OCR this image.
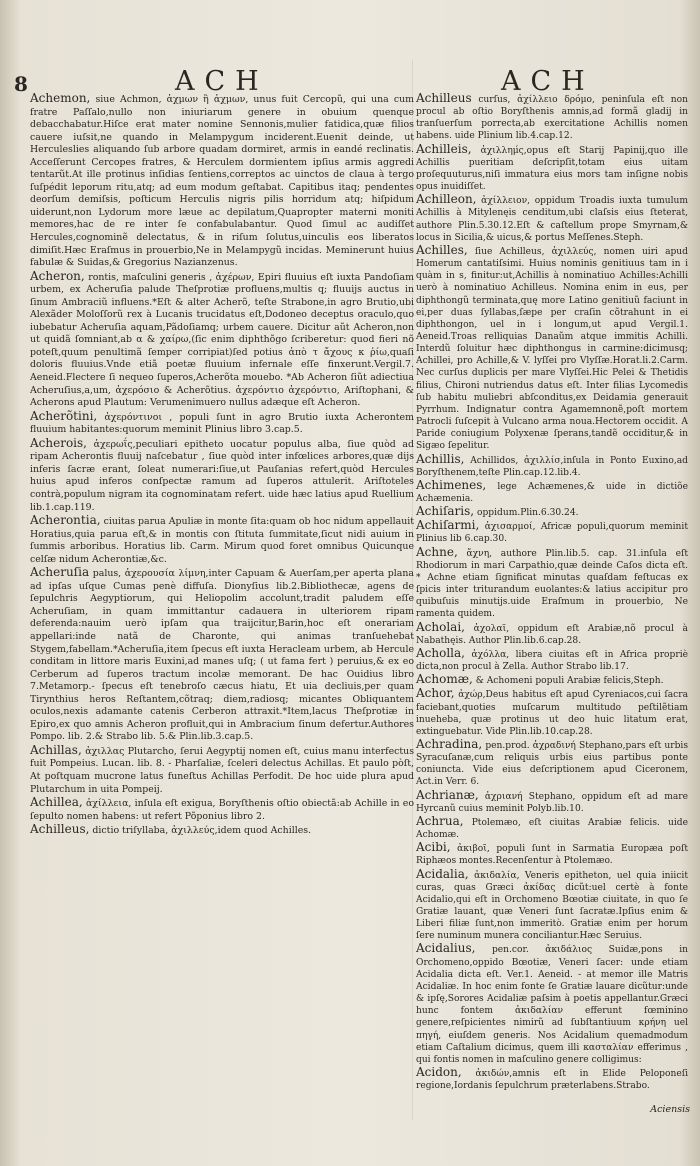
8	ACH	ACH
Achemon, siue Achmon, ἀχμων ἢ ἀχμων, unus fuit Cercopũ, qui una cum fratre Paſſalo,nullo non iniuriarum genere in obuium quenque debacchabatur.Hiſce erat mater nomine Sennonis,mulier fatidica,quæ filios cauere iuſsit,ne quando in Melampygum inciderent.Euenit deinde, ut Herculeslies aliquando ſub arbore quadam dormiret, armis in eandé reclinatis. Acceſſerunt Cercopes fratres, & Herculem dormientem ipſius armis aggredi tentarũt.At ille protinus inſidias ſentiens,correptos ac uinctos de claua à tergo ſuſpédit leporum ritu,atq; ad eum modum geſtabat. Capitibus itaq; pendentes deorſum demiſsis, poſticum Herculis nigris pilis horridum atq; hiſpidum uiderunt,non Lydorum more læue ac depilatum,Quapropter materni moniti memores,hac de re inter ſe confabulabantur. Quod ſimul ac audiſſet Hercules,cognominẽ delectatus, & in riſum ſolutus,uinculis eos liberatos dimiſit.Hæc Eraſmus in prouerbio,Ne in Melampygũ incidas. Meminerunt huius fabulæ & Suidas,& Gregorius Nazianzenus.
Acheron, rontis, maſculini generis , ἀχέρων, Epiri fluuius eſt iuxta Pandoſiam urbem, ex Acheruſia palude Theſprotiæ profluens,multis q; fluuijs auctus in ſinum Ambraciũ influens.*Eſt & alter Acherõ, teſte Strabone,in agro Brutio,ubi Alexãder Moloſſorũ rex à Lucanis trucidatus eſt,Dodoneo deceptus oraculo,quo iubebatur Acheruſia aquam,Pãdoſiamq; urbem cauere. Dicitur aũt Acheron,non ut quidã ſomniant,ab α & χαίρω,(ſic enim diphthõgo ſcriberetur: quod fieri nõ poteſt,quum penultimã ſemper corripiat)ſed potius ἀπὸ τ ἄχους κ ῥίω,quaſi doloris fluuius.Vnde etiã poetæ fluuium infernale eſſe finxerunt.Vergil.7. Aeneid.Flectere ſi nequeo ſuperos,Acherõta mouebo. *Ab Acheron ſiũt adiectiua Acheruſius,a,um, ἀχερόσιο & Acherõtius. ἀχερόντιο ἀχερόντιο, Ariſtophani, & Acherons apud Plautum: Verumenimuero nullus adæque eſt Acheron.
Acherõtini, ἀχερόντινοι , populi ſunt in agro Brutio iuxta Acherontem fluuium habitantes:quorum meminit Plinius libro 3.cap.5.
Acherois, ἀχερωΐς,peculiari epitheto uocatur populus alba, ſiue quòd ad ripam Acherontis fluuij naſcebatur , ſiue quòd inter infœlices arbores,quæ dijs inferis ſacræ erant, ſoleat numerari:ſiue,ut Pauſanias refert,quòd Hercules huius apud inferos conſpectæ ramum ad ſuperos attulerit. Ariſtoteles contrà,populum nigram ita cognominatam refert. uide hæc latius apud Ruellium lib.1.cap.119.
Acherontia, ciuitas parua Apuliæ in monte ſita:quam ob hoc nidum appellauit Horatius,quia parua eſt,& in montis con ſtituta ſummitate,ſicut nidi auium in ſummis arboribus. Horatius lib. Carm. Mirum quod foret omnibus Quicunque celſæ nidum Acherontiæ,&c.
Acheruſia palus, ἀχερουσία λίμνη,inter Capuam & Auerſam,per aperta plana ad ipſas uſque Cumas penè diffuſa. Dionyſius lib.2.Bibliothecæ, agens de ſepulchris Aegyptiorum, qui Heliopolim accolunt,tradit paludem eſſe Acheruſiam, in quam immittantur cadauera in ulteriorem ripam deferenda:nauim uerò ipſam qua traijcitur,Barin,hoc eſt onerariam appellari:inde natã de Charonte, qui animas tranſuehebat Stygem,fabellam.*Acheruſia,item ſpecus eſt iuxta Heracleam urbem, ab Hercule conditam in littore maris Euxini,ad manes uſq; ( ut fama fert ) peruius,& ex eo Cerberum ad ſuperos tractum incolæ memorant. De hac Ouidius libro 7.Metamorp.- ſpecus eſt tenebroſo cæcus hiatu, Et uia decliuis,per quam Tirynthius heros Reſtantem,cõtraq; diem,radiosq; micantes Obliquantem oculos,nexis adamante catenis Cerberon attraxit.*Item,lacus Theſprotiæ in Epiro,ex quo amnis Acheron profluit,qui in Ambracium ſinum defertur.Authores Pompo. lib. 2.& Strabo lib. 5.& Plin.lib.3.cap.5.
Achillas, ἀχιλλας Plutarcho, ſerui Aegyptij nomen eſt, cuius manu interfectus fuit Pompeius. Lucan. lib. 8. - Pharſaliæ, ſceleri delectus Achillas. Et paulo pòſt, At poſtquam mucrone latus funeſtus Achillas Perfodit. De hoc uide plura apud Plutarchum in uita Pompeij.
Achillea, ἀχίλλεια, inſula eſt exigua, Boryſthenis oſtio obiectã:ab Achille in eo ſepulto nomen habens: ut refert Põponius libro 2.
Achilleus, dictio triſyllaba, ἀχιλλεύς,idem quod Achilles.
Achilleus curſus, ἀχίλλειο δρόμο, peninſula eſt non procul ab oſtio Boryſthenis amnis,ad formã gladij in tranſuerſum porrecta,ab exercitatione Achillis nomen habens. uide Plinium lib.4.cap.12.
Achilleis, ἀχιλλημ́ς,opus eſt Starij Papinij,quo ille Achillis pueritiam deſcripſit,totam eius uitam proſequuturus,niſi immatura eius mors tam inſigne nobis opus inuidiſſet.
Achilleon, ἀχίλλειον, oppidum Troadis iuxta tumulum Achillis à Mitylenęis cenditum,ubi claſsis eius ſteterat, authore Plin.5.30.12.Eſt & caſtellum prope Smyrnam,& locus in Sicilia,& uicus,& portus Meſſenes.Steph.
Achilles, ſiue Achilleus, ἀχιλλεύς, nomen uiri apud Homerum cantatiſsimi. Huius nominis genitiuus tam in i quàm in s, finitur:ut,Achillis à nominatiuo Achilles:Achilli uerò à nominatiuo Achilleus. Nomina enim in eus, per diphthongũ terminata,quę more Latino genitiuũ faciunt in ei,per duas ſyllabas,ſæpe per craſin cõtrahunt in ei diphthongon, uel in i longum,ut apud Vergil.1. Aeneid.Troas relliquias Danaũm atque immitis Achilli. Interdũ ſoluitur hæc diphthongus in carmine:dicimusq; Achillei, pro Achille,& V. lyſſei pro Vlyſſæ.Horat.li.2.Carm. Nec curſus duplicis per mare Vlyſſei.Hic Pelei & Thetidis filius, Chironi nutriendus datus eſt. Inter filias Lycomedis ſub habitu muliebri abſconditus,ex Deidamia generauit Pyrrhum. Indignatur contra Agamemnonẽ,poſt mortem Patrocli ſuſcepit à Vulcano arma noua.Hectorem occidit. A Paride coniugium Polyxenæ ſperans,tandẽ occiditur,& in Sigæo ſepelitur.
Achillis, Achillidos, ἀχιλλίσ,inſula in Ponto Euxino,ad Boryſthenem,teſte Plin.cap.12.lib.4.
Achimenes, lege Achæmenes,& uide in dictiõe Achæmenia.
Achiſaris, oppidum.Plin.6.30.24.
Achiſarmi, ἀχισαρμοί, Africæ populi,quorum meminit Plinius lib 6.cap.30.
Achne, ἄχνη, authore Plin.lib.5. cap. 31.inſula eſt Rhodiorum in mari Carpathio,quæ deinde Caſos dicta eſt. * Achne etiam ſignificat minutas quaſdam feſtucas ex ſpicis inter triturandum euolantes:& latius accipitur pro quibuſuis minutijs.uide Eraſmum in prouerbio, Ne ramenta quidem.
Acholai, ἀχολαι̃, oppidum eſt Arabiæ,nõ procul à Nabathęis. Author Plin.lib.6.cap.28.
Acholla, ἀχόλλα, libera ciuitas eſt in Africa propriè dicta,non procul à Zella. Author Strabo lib.17.
Achomæ, & Achomeni populi Arabiæ felicis,Steph.
Achor, ἀχώρ,Deus habitus eſt apud Cyreniacos,cui ſacra faciebant,quoties muſcarum multitudo peſtilẽtiam inueheba, quæ protinus ut deo huic litatum erat, extinguebatur. Vide Plin.lib.10.cap.28.
Achradina, pen.prod. ἀχραδινή Stephano,pars eſt urbis Syracuſanæ,cum reliquis urbis eius partibus ponte coniuncta. Vide eius deſcriptionem apud Ciceronem, Act.in Verr. 6.
Achrianæ, ἀχριανή Stephano, oppidum eſt ad mare Hyrcanũ cuius meminit Polyb.lib.10.
Achrua, Ptolemæo, eſt ciuitas Arabiæ felicis. uide Achomæ.
Acibi, ἀκιβοι̃, populi ſunt in Sarmatia Europæa poſt Riphæos montes.Recenſentur à Ptolemæo.
Acidalia, ἀκιδαλία, Veneris epitheton, uel quia iniicit curas, quas Græci ἀκίδας dicũt:uel certè à fonte Acidalio,qui eſt in Orchomeno Bœotiæ ciuitate, in quo ſe Gratiæ lauant, quæ Veneri ſunt ſacratæ.Ipſius enim & Liberi filiæ ſunt,non immeritò. Gratiæ enim per horum ſere numinum munera conciliantur.Hæc Seruius.
Acidalius, pen.cor. ἀκιδάλιος Suidæ,pons in Orchomeno,oppido Bœotiæ, Veneri ſacer: unde etiam Acidalia dicta eſt. Ver.1. Aeneid. - at memor ille Matris Acidaliæ. In hoc enim fonte ſe Gratiæ lauare dicũtur:unde & ipſę,Sorores Acidaliæ paſsim à poetis appellantur.Græci hunc fontem ἀκιδαλίαν efferunt fœminino genere,reſpicientes nimirũ ad ſubſtantiuum κρήνη uel πηγή, eiuſdem generis. Nos Acidalium quemadmodum etiam Caſtalium dicimus, quem illi κασταλίαν efferimus , qui fontis nomen in maſculino genere colligimus:
Acidon, ἀκιδών,amnis eſt in Elide Peloponeſi regione,Iordanis ſepulchrum præterlabens.Strabo.
Aciensis
